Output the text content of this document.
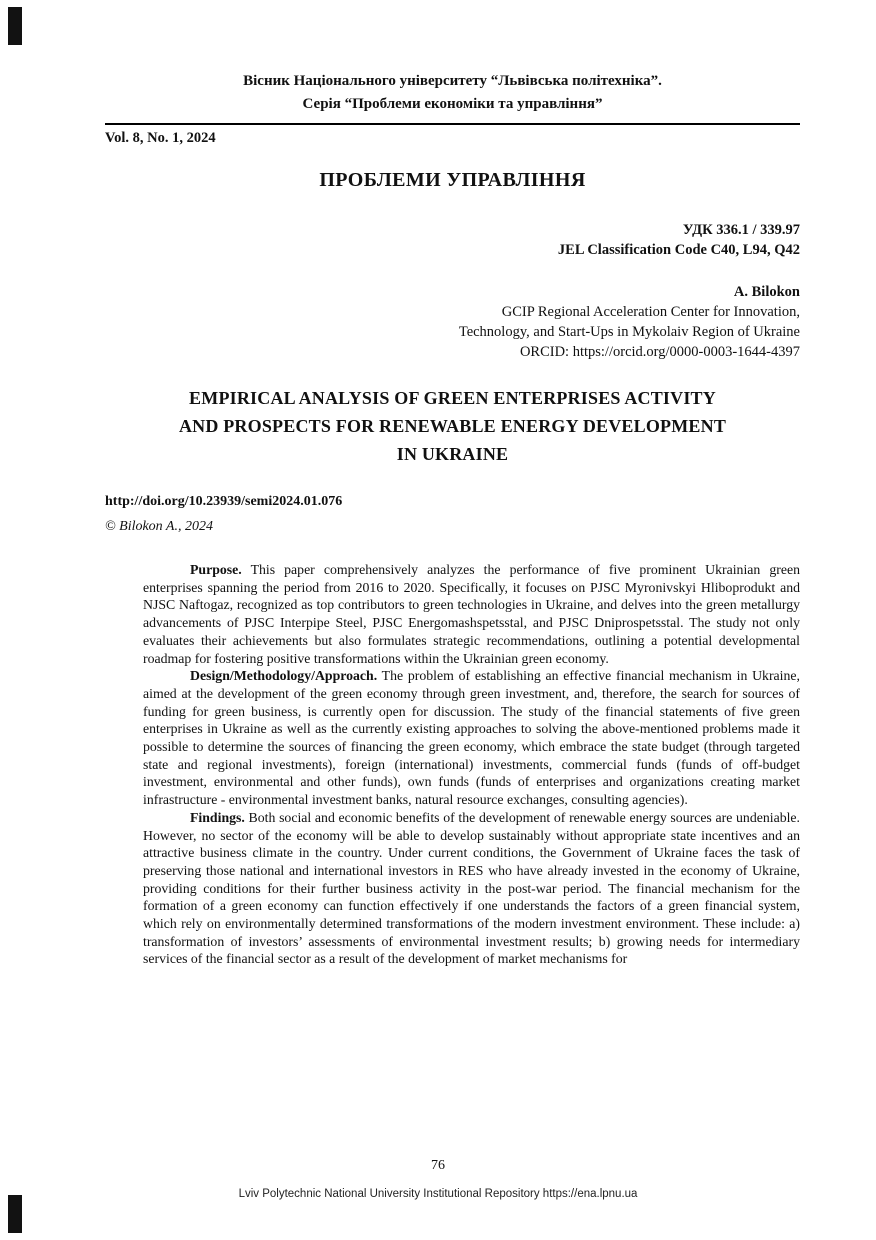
Вісник Національного університету “Львівська політехніка”.
Серія “Проблеми економіки та управління”
Vol. 8, No. 1, 2024
ПРОБЛЕМИ УПРАВЛІННЯ
УДК 336.1 / 339.97
JEL Classification Code C40, L94, Q42
A. Bilokon
GCIP Regional Acceleration Center for Innovation,
Technology, and Start-Ups in Mykolaiv Region of Ukraine
ORCID: https://orcid.org/0000-0003-1644-4397
EMPIRICAL ANALYSIS OF GREEN ENTERPRISES ACTIVITY
AND PROSPECTS FOR RENEWABLE ENERGY DEVELOPMENT
IN UKRAINE
http://doi.org/10.23939/semi2024.01.076
© Bilokon A., 2024

Purpose. This paper comprehensively analyzes the performance of five prominent Ukrainian green enterprises spanning the period from 2016 to 2020. Specifically, it focuses on PJSC Myronivskyi Hliboprodukt and NJSC Naftogaz, recognized as top contributors to green technologies in Ukraine, and delves into the green metallurgy advancements of PJSC Interpipe Steel, PJSC Energomashspetsstal, and PJSC Dniprospetsstal. The study not only evaluates their achievements but also formulates strategic recommendations, outlining a potential developmental roadmap for fostering positive transformations within the Ukrainian green economy.

Design/Methodology/Approach. The problem of establishing an effective financial mechanism in Ukraine, aimed at the development of the green economy through green investment, and, therefore, the search for sources of funding for green business, is currently open for discussion. The study of the financial statements of five green enterprises in Ukraine as well as the currently existing approaches to solving the above-mentioned problems made it possible to determine the sources of financing the green economy, which embrace the state budget (through targeted state and regional investments), foreign (international) investments, commercial funds (funds of off-budget investment, environmental and other funds), own funds (funds of enterprises and organizations creating market infrastructure - environmental investment banks, natural resource exchanges, consulting agencies).

Findings. Both social and economic benefits of the development of renewable energy sources are undeniable. However, no sector of the economy will be able to develop sustainably without appropriate state incentives and an attractive business climate in the country. Under current conditions, the Government of Ukraine faces the task of preserving those national and international investors in RES who have already invested in the economy of Ukraine, providing conditions for their further business activity in the post-war period. The financial mechanism for the formation of a green economy can function effectively if one understands the factors of a green financial system, which rely on environmentally determined transformations of the modern investment environment. These include: a) transformation of investors’ assessments of environmental investment results; b) growing needs for intermediary services of the financial sector as a result of the development of market mechanisms for

76
Lviv Polytechnic National University Institutional Repository https://ena.lpnu.ua
